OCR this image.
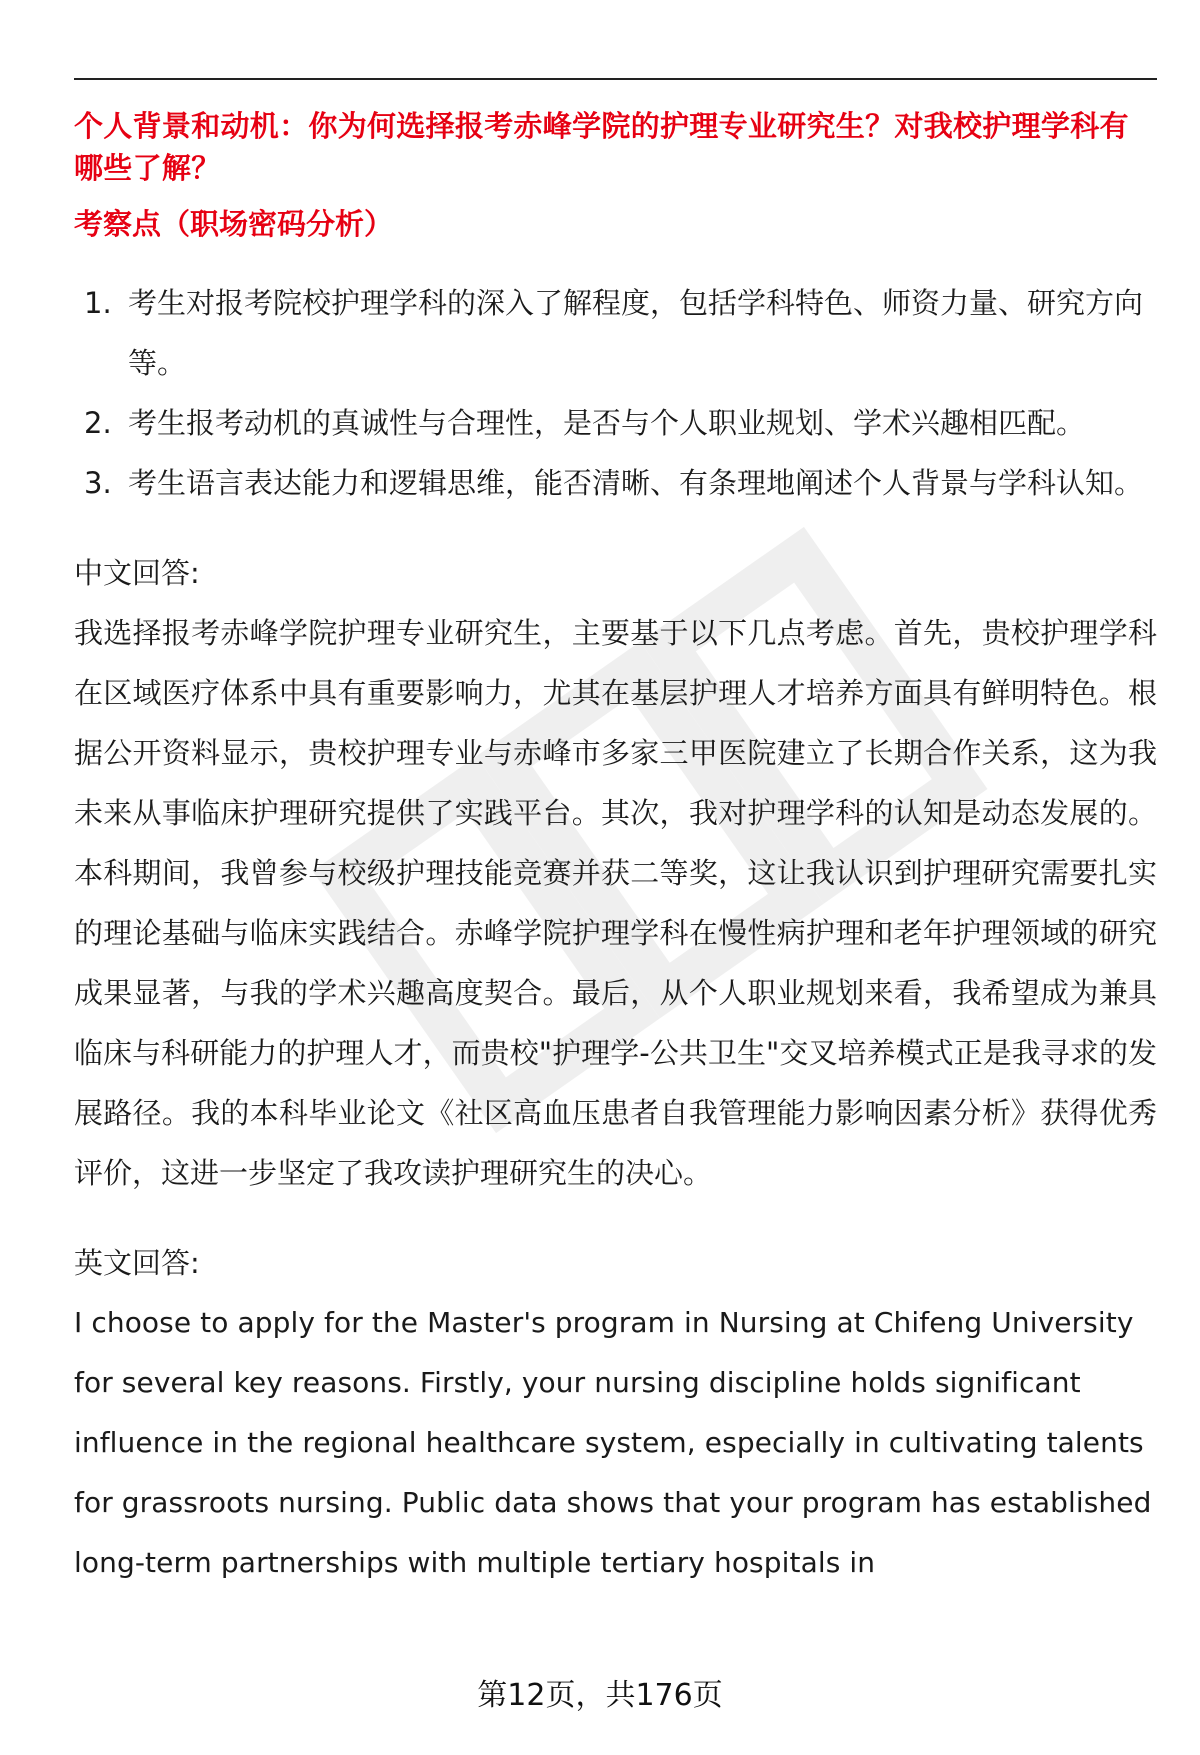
个人背景和动机：你为何选择报考赤峰学院的护理专业研究生？对我校护理学科有哪些了解？

考察点（职场密码分析）

1. 考生对报考院校护理学科的深入了解程度，包括学科特色、师资力量、研究方向等。
2. 考生报考动机的真诚性与合理性，是否与个人职业规划、学术兴趣相匹配。
3. 考生语言表达能力和逻辑思维，能否清晰、有条理地阐述个人背景与学科认知。

中文回答:

我选择报考赤峰学院护理专业研究生，主要基于以下几点考虑。首先，贵校护理学科在区域医疗体系中具有重要影响力，尤其在基层护理人才培养方面具有鲜明特色。根据公开资料显示，贵校护理专业与赤峰市多家三甲医院建立了长期合作关系，这为我未来从事临床护理研究提供了实践平台。其次，我对护理学科的认知是动态发展的。本科期间，我曾参与校级护理技能竞赛并获二等奖，这让我认识到护理研究需要扎实的理论基础与临床实践结合。赤峰学院护理学科在慢性病护理和老年护理领域的研究成果显著，与我的学术兴趣高度契合。最后，从个人职业规划来看，我希望成为兼具临床与科研能力的护理人才，而贵校"护理学-公共卫生"交叉培养模式正是我寻求的发展路径。我的本科毕业论文《社区高血压患者自我管理能力影响因素分析》获得优秀评价，这进一步坚定了我攻读护理研究生的决心。

英文回答:

I choose to apply for the Master's program in Nursing at Chifeng University for several key reasons. Firstly, your nursing discipline holds significant influence in the regional healthcare system, especially in cultivating talents for grassroots nursing. Public data shows that your program has established long-term partnerships with multiple tertiary hospitals in

第12页，共176页
